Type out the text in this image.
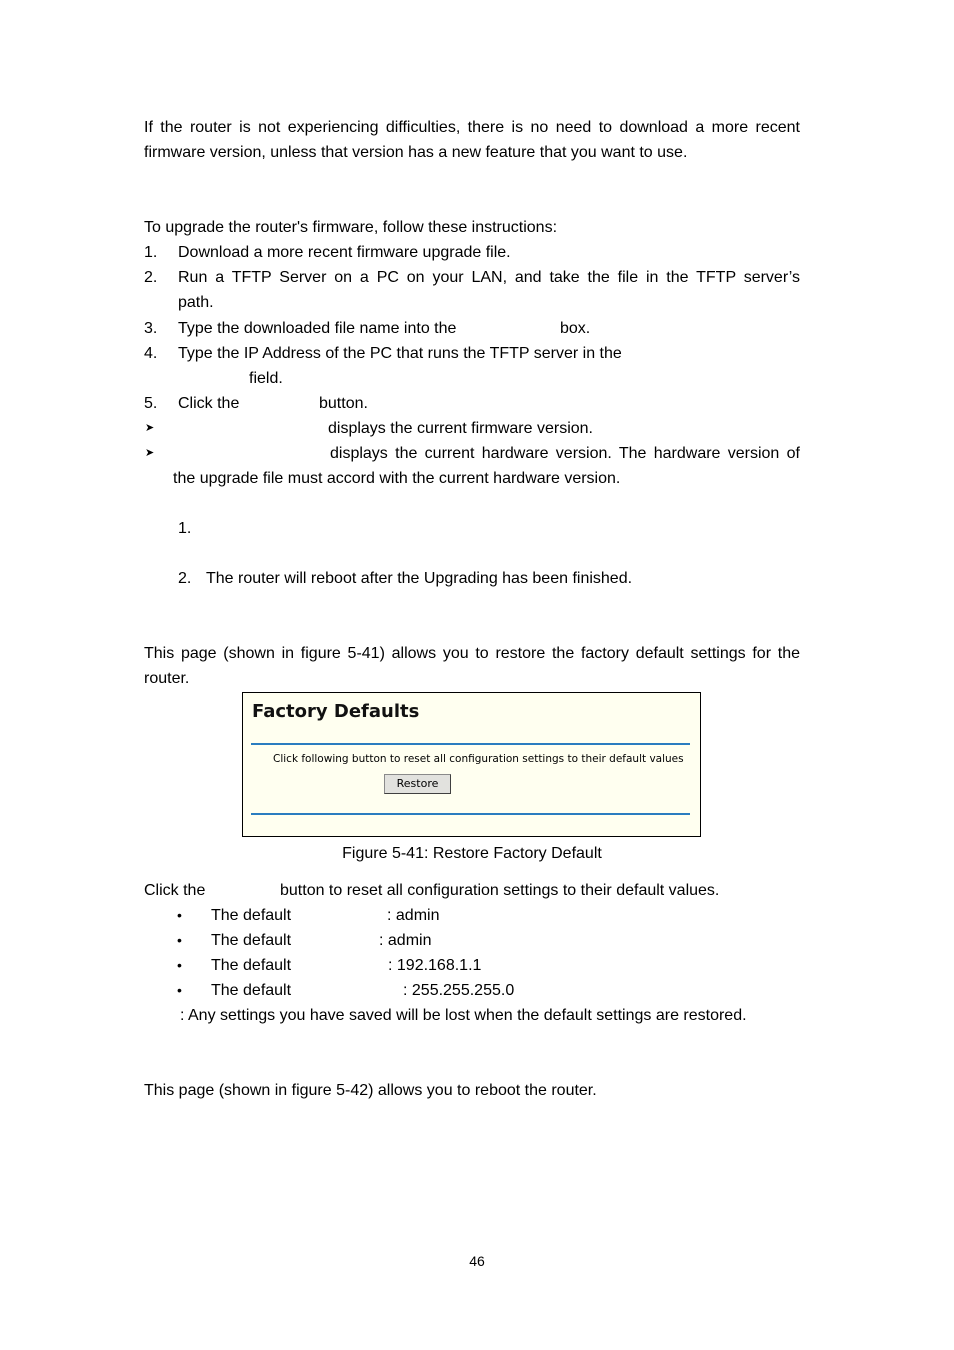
If the router is not experiencing difficulties, there is no need to download a more recent
firmware version, unless that version has a new feature that you want to use.
To upgrade the router's firmware, follow these instructions:
1. Download a more recent firmware upgrade file.
2. Run a TFTP Server on a PC on your LAN, and take the file in the TFTP server’s
path.
3. Type the downloaded file name into the	box.
4. Type the IP Address of the PC that runs the TFTP server in the
field.
5. Click the	button.
➤	displays the current firmware version.
➤	displays the current hardware version. The hardware version of
the upgrade file must accord with the current hardware version.
1.
2. The router will reboot after the Upgrading has been finished.
This page (shown in figure 5-41) allows you to restore the factory default settings for the
router.
Factory Defaults
Click following button to reset all configuration settings to their default values
Restore
Figure 5-41: Restore Factory Default
Click the	button to reset all configuration settings to their default values.
• The default	: admin
• The default	: admin
• The default	: 192.168.1.1
• The default	: 255.255.255.0
: Any settings you have saved will be lost when the default settings are restored.
This page (shown in figure 5-42) allows you to reboot the router.
46
